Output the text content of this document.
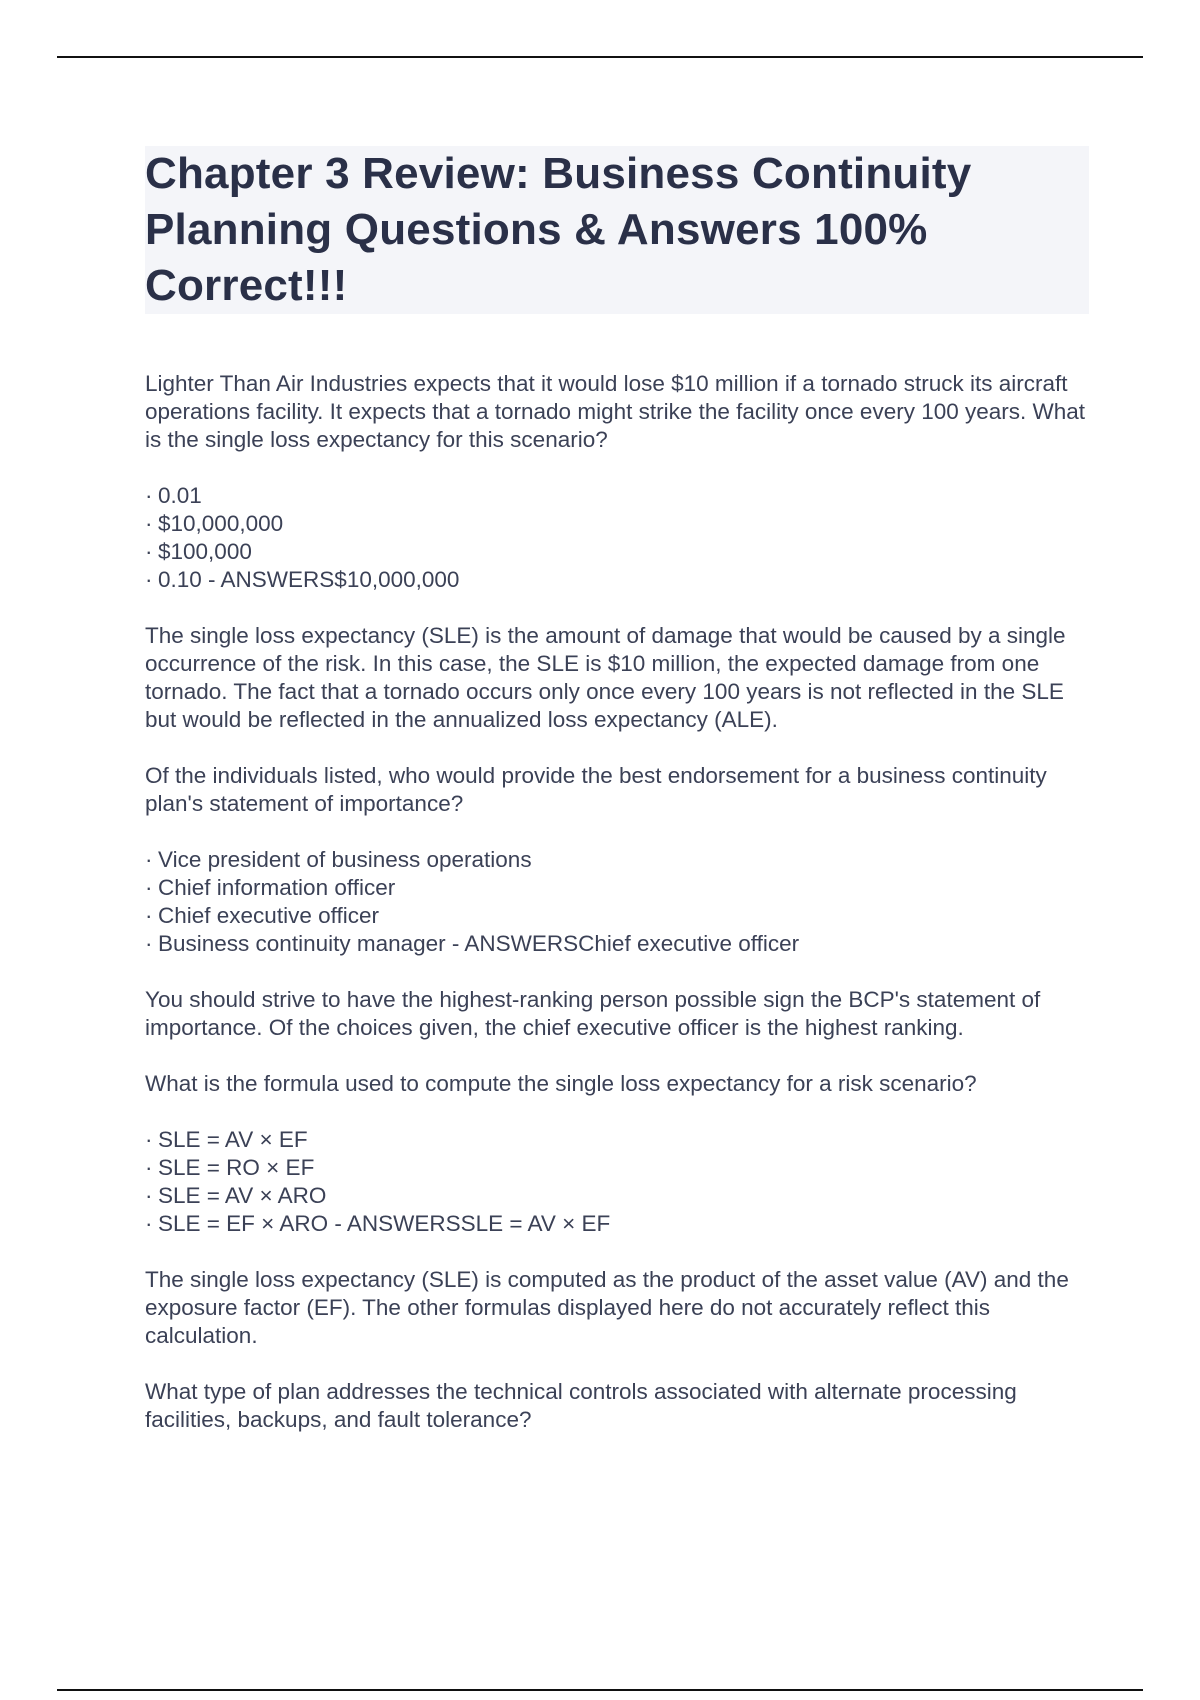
Chapter 3 Review: Business Continuity Planning Questions & Answers 100% Correct!!!

Lighter Than Air Industries expects that it would lose $10 million if a tornado struck its aircraft operations facility. It expects that a tornado might strike the facility once every 100 years. What is the single loss expectancy for this scenario?

· 0.01
· $10,000,000
· $100,000
· 0.10 - ANSWERS$10,000,000

The single loss expectancy (SLE) is the amount of damage that would be caused by a single occurrence of the risk. In this case, the SLE is $10 million, the expected damage from one tornado. The fact that a tornado occurs only once every 100 years is not reflected in the SLE but would be reflected in the annualized loss expectancy (ALE).

Of the individuals listed, who would provide the best endorsement for a business continuity plan's statement of importance?

· Vice president of business operations
· Chief information officer
· Chief executive officer
· Business continuity manager - ANSWERSChief executive officer

You should strive to have the highest-ranking person possible sign the BCP's statement of importance. Of the choices given, the chief executive officer is the highest ranking.

What is the formula used to compute the single loss expectancy for a risk scenario?

· SLE = AV × EF
· SLE = RO × EF
· SLE = AV × ARO
· SLE = EF × ARO - ANSWERSSLE = AV × EF

The single loss expectancy (SLE) is computed as the product of the asset value (AV) and the exposure factor (EF). The other formulas displayed here do not accurately reflect this calculation.

What type of plan addresses the technical controls associated with alternate processing facilities, backups, and fault tolerance?
